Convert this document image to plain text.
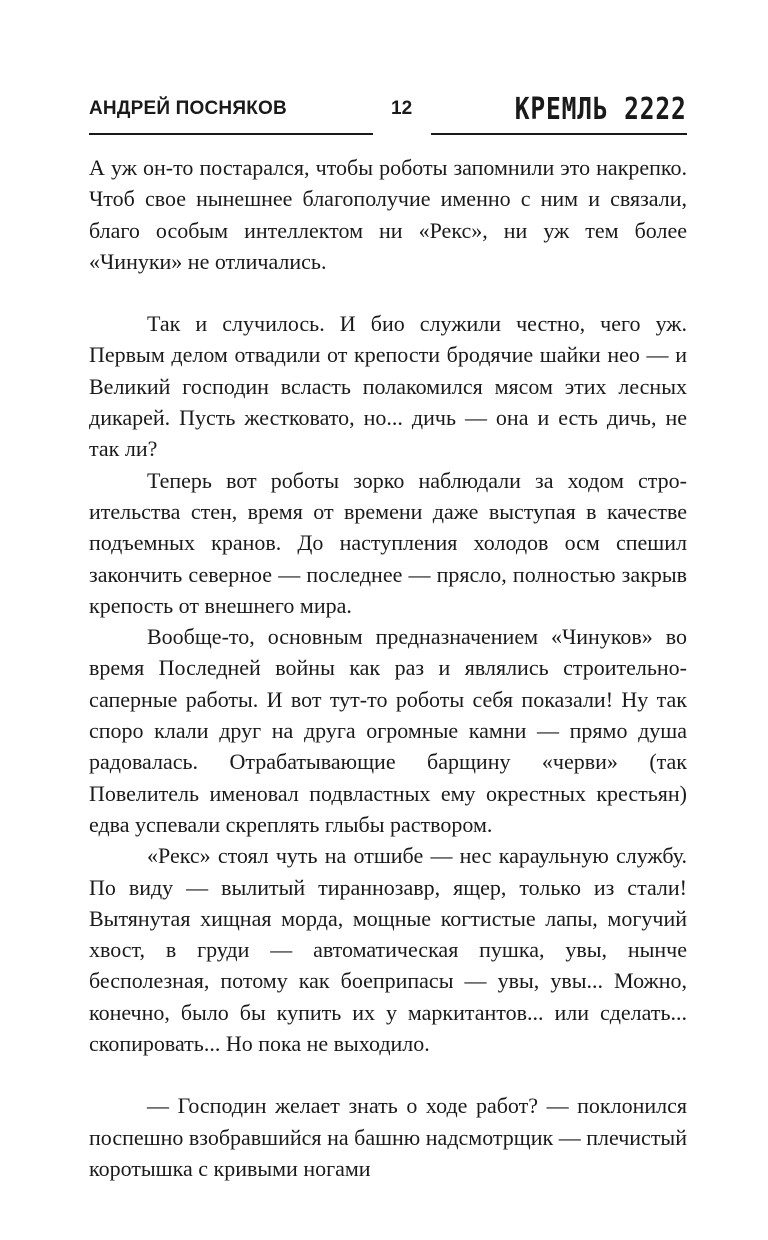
АНДРЕЙ ПОСНЯКОВ	12	КРЕМЛЬ 2222

А уж он-то постарался, чтобы роботы запомнили это накрепко. Чтоб свое нынешнее благополучие именно с ним и связали, благо особым интеллектом ни «Рекс», ни уж тем более «Чинуки» не отличались.

Так и случилось. И био служили честно, чего уж. Первым делом отвадили от крепости бродячие шайки нео — и Великий господин всласть полакомился мясом этих лесных дикарей. Пусть жестковато, но... дичь — она и есть дичь, не так ли?

Теперь вот роботы зорко наблюдали за ходом строительства стен, время от времени даже выступая в качестве подъемных кранов. До наступления холодов осм спешил закончить северное — последнее — прясло, полностью закрыв крепость от внешнего мира.

Вообще-то, основным предназначением «Чинуков» во время Последней войны как раз и являлись строительно-саперные работы. И вот тут-то роботы себя показали! Ну так споро клали друг на друга огромные камни — прямо душа радовалась. Отрабатывающие барщину «черви» (так Повелитель именовал подвластных ему окрестных крестьян) едва успевали скреплять глыбы раствором.

«Рекс» стоял чуть на отшибе — нес караульную службу. По виду — вылитый тираннозавр, ящер, только из стали! Вытянутая хищная морда, мощные когтистые лапы, могучий хвост, в груди — автоматическая пушка, увы, нынче бесполезная, потому как боеприпасы — увы, увы... Можно, конечно, было бы купить их у маркитантов... или сделать... скопировать... Но пока не выходило.

— Господин желает знать о ходе работ? — поклонился поспешно взобравшийся на башню надсмотрщик — плечистый коротышка с кривыми ногами
